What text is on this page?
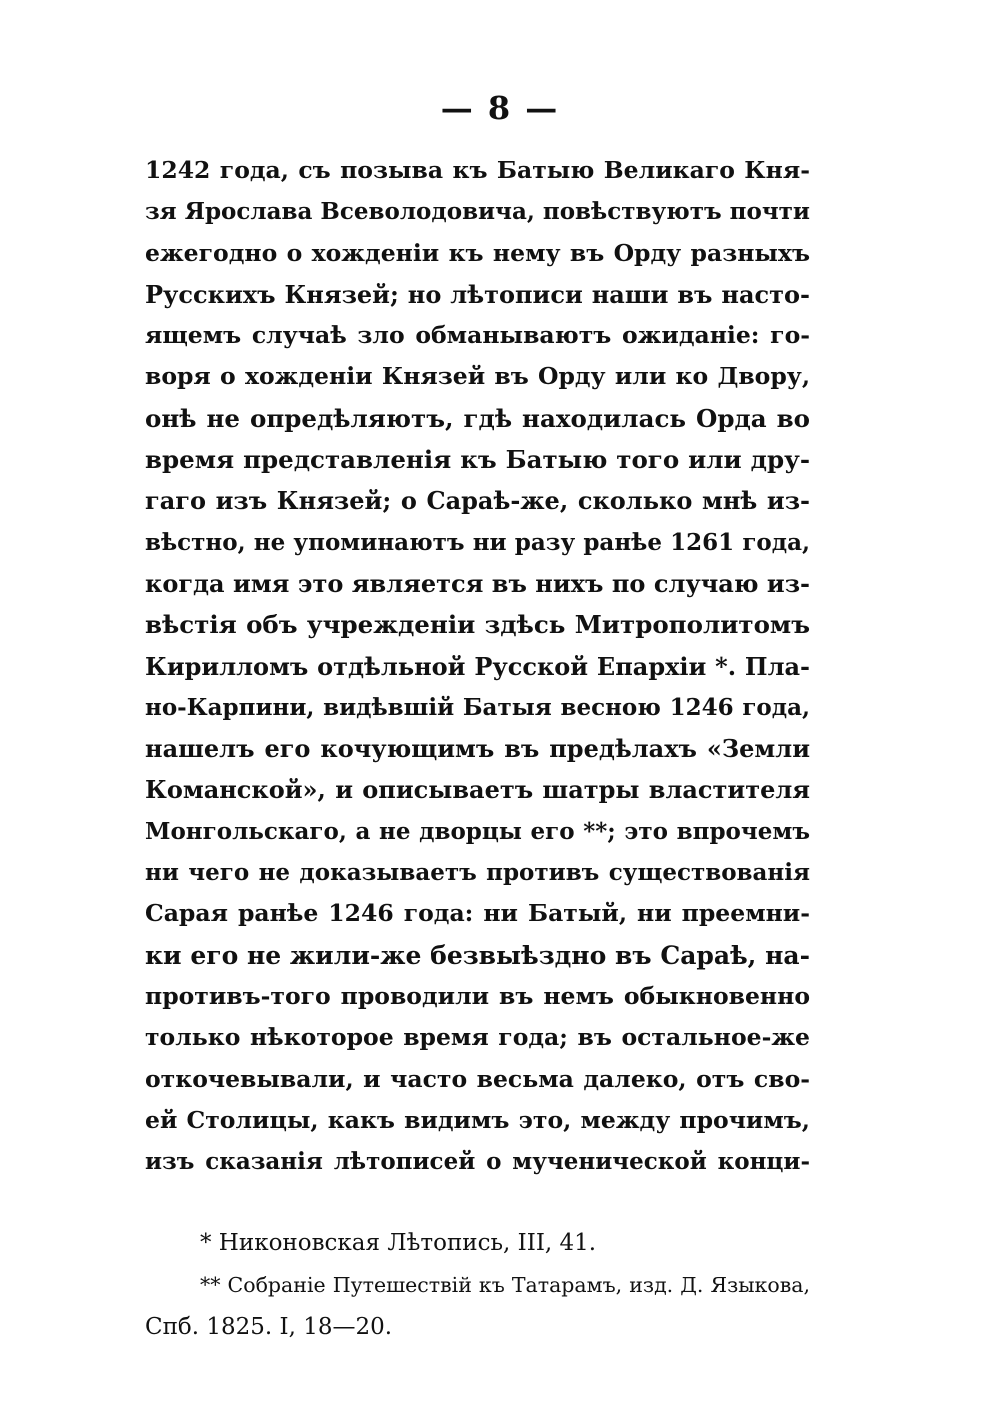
— 8 —
1242 года, съ позыва къ Батыю Великаго Кня-
зя Ярослава Всеволодовича, повѣствуютъ почти
ежегодно о хожденіи къ нему въ Орду разныхъ
Русскихъ Князей; но лѣтописи наши въ насто-
ящемъ случаѣ зло обманываютъ ожиданіе: го-
воря о хожденіи Князей въ Орду или ко Двору,
онѣ не опредѣляютъ, гдѣ находилась Орда во
время представленія къ Батыю того или дру-
гаго изъ Князей; о Сараѣ-же, сколько мнѣ из-
вѣстно, не упоминаютъ ни разу ранѣе 1261 года,
когда имя это является въ нихъ по случаю из-
вѣстія объ учрежденіи здѣсь Митрополитомъ
Кирилломъ отдѣльной Русской Епархіи *. Пла-
но-Карпини, видѣвшій Батыя весною 1246 года,
нашелъ его кочующимъ въ предѣлахъ «Земли
Команской», и описываетъ шатры властителя
Монгольскаго, а не дворцы его **; это впрочемъ
ни чего не доказываетъ противъ существованія
Сарая ранѣе 1246 года: ни Батый, ни преемни-
ки его не жили-же безвыѣздно въ Сараѣ, на-
противъ-того проводили въ немъ обыкновенно
только нѣкоторое время года; въ остальное-же
откочевывали, и часто весьма далеко, отъ сво-
ей Столицы, какъ видимъ это, между прочимъ,
изъ сказанія лѣтописей о мученической конци-
* Никоновская Лѣтопись, III, 41.
** Собраніе Путешествій къ Татарамъ, изд. Д. Языкова,
Спб. 1825. I, 18—20.
